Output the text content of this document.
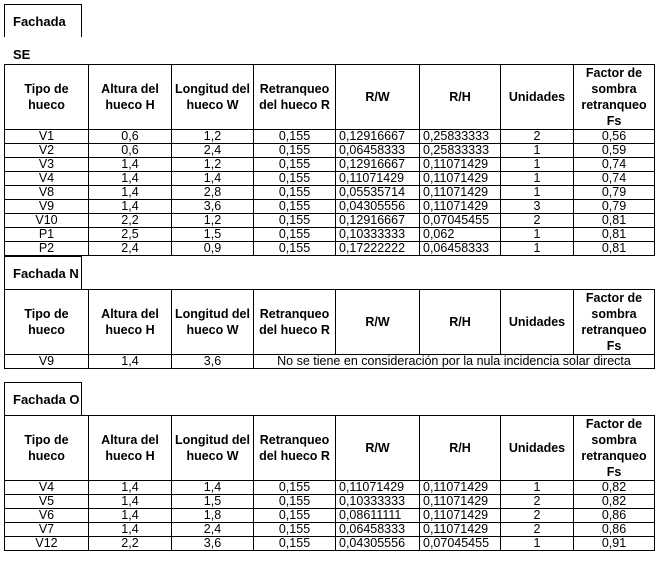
Fachada SE
Tipo de hueco	Altura del hueco H	Longitud del hueco W	Retranqueo del hueco R	R/W	R/H	Unidades	Factor de sombra retranqueo Fs
V1	0,6	1,2	0,155	0,12916667	0,25833333	2	0,56
V2	0,6	2,4	0,155	0,06458333	0,25833333	1	0,59
V3	1,4	1,2	0,155	0,12916667	0,11071429	1	0,74
V4	1,4	1,4	0,155	0,11071429	0,11071429	1	0,74
V8	1,4	2,8	0,155	0,05535714	0,11071429	1	0,79
V9	1,4	3,6	0,155	0,04305556	0,11071429	3	0,79
V10	2,2	1,2	0,155	0,12916667	0,07045455	2	0,81
P1	2,5	1,5	0,155	0,10333333	0,062	1	0,81
P2	2,4	0,9	0,155	0,17222222	0,06458333	1	0,81
Fachada N
Tipo de hueco	Altura del hueco H	Longitud del hueco W	Retranqueo del hueco R	R/W	R/H	Unidades	Factor de sombra retranqueo Fs
V9	1,4	3,6	No se tiene en consideración por la nula incidencia solar directa				
Fachada O
Tipo de hueco	Altura del hueco H	Longitud del hueco W	Retranqueo del hueco R	R/W	R/H	Unidades	Factor de sombra retranqueo Fs
V4	1,4	1,4	0,155	0,11071429	0,11071429	1	0,82
V5	1,4	1,5	0,155	0,10333333	0,11071429	2	0,82
V6	1,4	1,8	0,155	0,08611111	0,11071429	2	0,86
V7	1,4	2,4	0,155	0,06458333	0,11071429	2	0,86
V12	2,2	3,6	0,155	0,04305556	0,07045455	1	0,91
